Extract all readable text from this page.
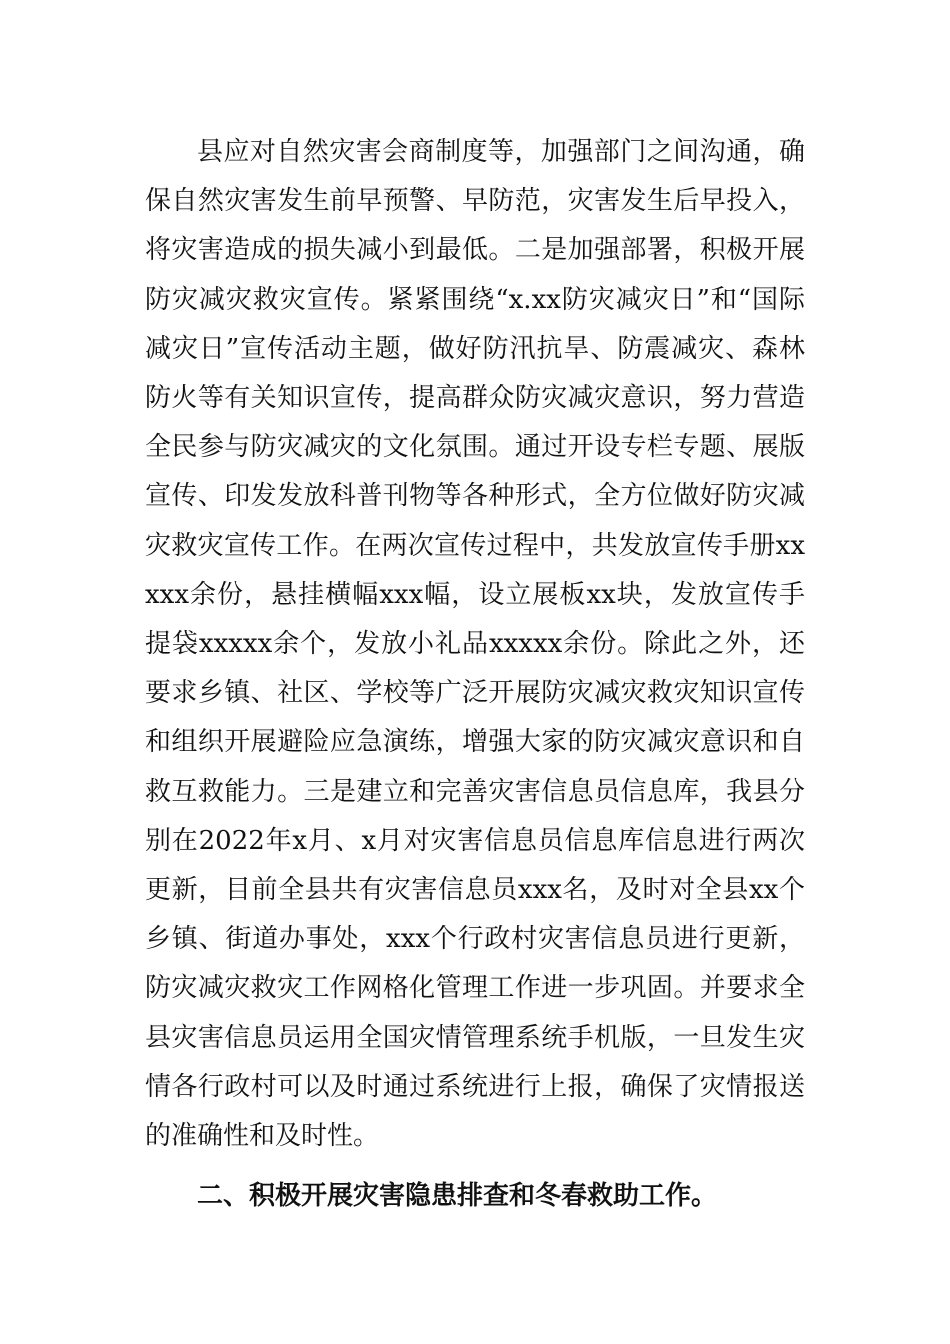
县应对自然灾害会商制度等，加强部门之间沟通，确保自然灾害发生前早预警、早防范，灾害发生后早投入，将灾害造成的损失减小到最低。二是加强部署，积极开展防灾减灾救灾宣传。紧紧围绕“x.xx防灾减灾日”和“国际减灾日”宣传活动主题，做好防汛抗旱、防震减灾、森林防火等有关知识宣传，提高群众防灾减灾意识，努力营造全民参与防灾减灾的文化氛围。通过开设专栏专题、展版宣传、印发发放科普刊物等各种形式，全方位做好防灾减灾救灾宣传工作。在两次宣传过程中，共发放宣传手册xxxxx余份，悬挂横幅xxx幅，设立展板xx块，发放宣传手提袋xxxxx余个，发放小礼品xxxxx余份。除此之外，还要求乡镇、社区、学校等广泛开展防灾减灾救灾知识宣传和组织开展避险应急演练，增强大家的防灾减灾意识和自救互救能力。三是建立和完善灾害信息员信息库，我县分别在2022年x月、x月对灾害信息员信息库信息进行两次更新，目前全县共有灾害信息员xxx名，及时对全县xx个乡镇、街道办事处，xxx个行政村灾害信息员进行更新，防灾减灾救灾工作网格化管理工作进一步巩固。并要求全县灾害信息员运用全国灾情管理系统手机版，一旦发生灾情各行政村可以及时通过系统进行上报，确保了灾情报送的准确性和及时性。

二、积极开展灾害隐患排查和冬春救助工作。
